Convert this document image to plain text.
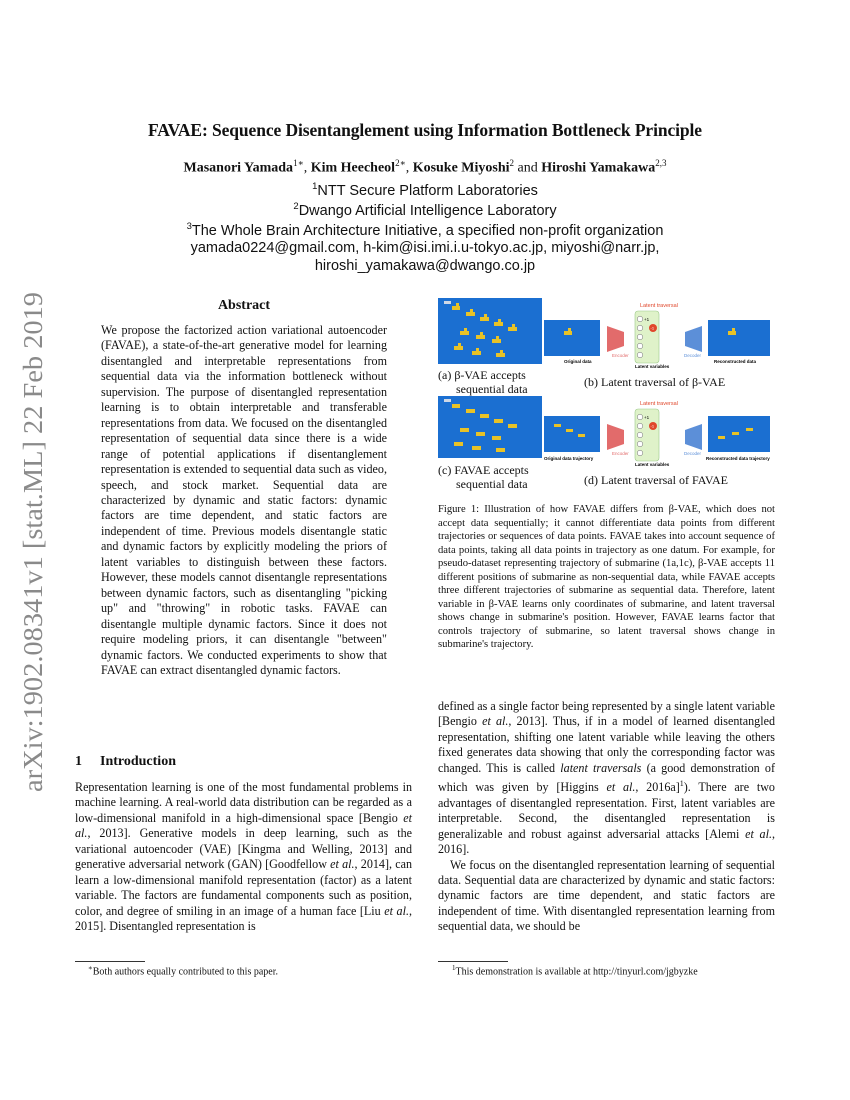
arXiv:1902.08341v1 [stat.ML] 22 Feb 2019
FAVAE: Sequence Disentanglement using Information Bottleneck Principle
Masanori Yamada$^{1∗}$, Kim Heecheol$^{2∗}$, Kosuke Miyoshi$^2$ and Hiroshi Yamakawa$^{2,3}$
$^1$NTT Secure Platform Laboratories
$^2$Dwango Artificial Intelligence Laboratory
$^3$The Whole Brain Architecture Initiative, a specified non-profit organization
yamada0224@gmail.com, h-kim@isi.imi.i.u-tokyo.ac.jp, miyoshi@narr.jp,
hiroshi_yamakawa@dwango.co.jp
Abstract
We propose the factorized action variational autoencoder (FAVAE), a state-of-the-art generative model for learning disentangled and interpretable representations from sequential data via the information bottleneck without supervision. The purpose of disentangled representation learning is to obtain interpretable and transferable representations from data. We focused on the disentangled representation of sequential data since there is a wide range of potential applications if disentanglement representation is extended to sequential data such as video, speech, and stock market. Sequential data are characterized by dynamic and static factors: dynamic factors are time dependent, and static factors are independent of time. Previous models disentangle static and dynamic factors by explicitly modeling the priors of latent variables to distinguish between these factors. However, these models cannot disentangle representations between dynamic factors, such as disentangling "picking up" and "throwing" in robotic tasks. FAVAE can disentangle multiple dynamic factors. Since it does not require modeling priors, it can disentangle "between" dynamic factors. We conducted experiments to show that FAVAE can extract disentangled dynamic factors.
1 Introduction
Representation learning is one of the most fundamental problems in machine learning. A real-world data distribution can be regarded as a low-dimensional manifold in a high-dimensional space [Bengio et al., 2013]. Generative models in deep learning, such as the variational autoencoder (VAE) [Kingma and Welling, 2013] and generative adversarial network (GAN) [Goodfellow et al., 2014], can learn a low-dimensional manifold representation (factor) as a latent variable. The factors are fundamental components such as position, color, and degree of smiling in an image of a human face [Liu et al., 2015]. Disentangled representation is
∗Both authors equally contributed to this paper.	$^1$This demonstration is available at http://tinyurl.com/jgbyzke

defined as a single factor being represented by a single latent variable [Bengio et al., 2013]. Thus, if in a model of learned disentangled representation, shifting one latent variable while leaving the others fixed generates data showing that only the corresponding factor was changed. This is called latent traversals (a good demonstration of which was given by [Higgins et al., 2016a]$^1$). There are two advantages of disentangled representation. First, latent variables are interpretable. Second, the disentangled representation is generalizable and robust against adversarial attacks [Alemi et al., 2016].

We focus on the disentangled representation learning of sequential data. Sequential data are characterized by dynamic and static factors: dynamic factors are time dependent, and static factors are independent of time. With disentangled representation learning from sequential data, we should be

Latent traversal
+1
-1
Encoder	Decoder
Original data
Latent variables
Reconstructed data
(a) β-VAE accepts
sequential data	(b) Latent traversal of β-VAE
Latent traversal
+1
-1
Encoder	Decoder
Original data trajectory
Latent variables
Reconstructed data trajectory
(c) FAVAE accepts
sequential data	(d) Latent traversal of FAVAE
Figure 1: Illustration of how FAVAE differs from β-VAE, which does not accept data sequentially; it cannot differentiate data points from different trajectories or sequences of data points. FAVAE takes into account sequence of data points, taking all data points in trajectory as one datum. For example, for pseudo-dataset representing trajectory of submarine (1a,1c), β-VAE accepts 11 different positions of submarine as non-sequential data, while FAVAE accepts three different trajectories of submarine as sequential data. Therefore, latent variable in β-VAE learns only coordinates of submarine, and latent traversal shows change in submarine's position. However, FAVAE learns factor that controls trajectory of submarine, so latent traversal shows change in submarine's trajectory.
